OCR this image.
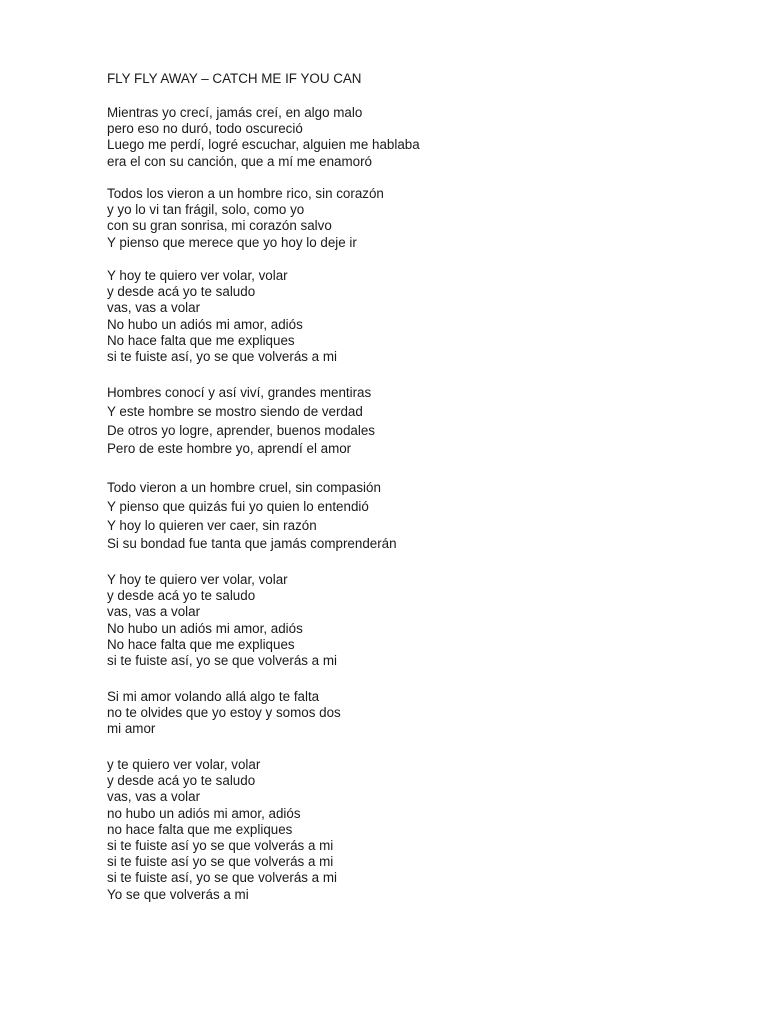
FLY FLY AWAY – CATCH ME IF YOU CAN
Mientras yo crecí, jamás creí, en algo malo
pero eso no duró, todo oscureció
Luego me perdí, logré escuchar, alguien me hablaba
era el con su canción, que a mí me enamoró
Todos los vieron a un hombre rico, sin corazón
y yo lo vi tan frágil, solo, como yo
con su gran sonrisa, mi corazón salvo
Y pienso que merece que yo hoy lo deje ir
Y hoy te quiero ver volar, volar
y desde acá yo te saludo
vas, vas a volar
No hubo un adiós mi amor, adiós
No hace falta que me expliques
si te fuiste así, yo se que volverás a mi
Hombres conocí y así viví, grandes mentiras
Y este hombre se mostro siendo de verdad
De otros yo logre, aprender, buenos modales
Pero de este hombre yo, aprendí el amor
Todo vieron a un hombre cruel, sin compasión
Y pienso que quizás fui yo quien lo entendió
Y hoy lo quieren ver caer, sin razón
Si su bondad fue tanta que jamás comprenderán
Y hoy te quiero ver volar, volar
y desde acá yo te saludo
vas, vas a volar
No hubo un adiós mi amor, adiós
No hace falta que me expliques
si te fuiste así, yo se que volverás a mi
Si mi amor volando allá algo te falta
no te olvides que yo estoy y somos dos
mi amor
y te quiero ver volar, volar
y desde acá yo te saludo
vas, vas a volar
no hubo un adiós mi amor, adiós
no hace falta que me expliques
si te fuiste así yo se que volverás a mi
si te fuiste así yo se que volverás a mi
si te fuiste así, yo se que volverás a mi
Yo se que volverás a mi
